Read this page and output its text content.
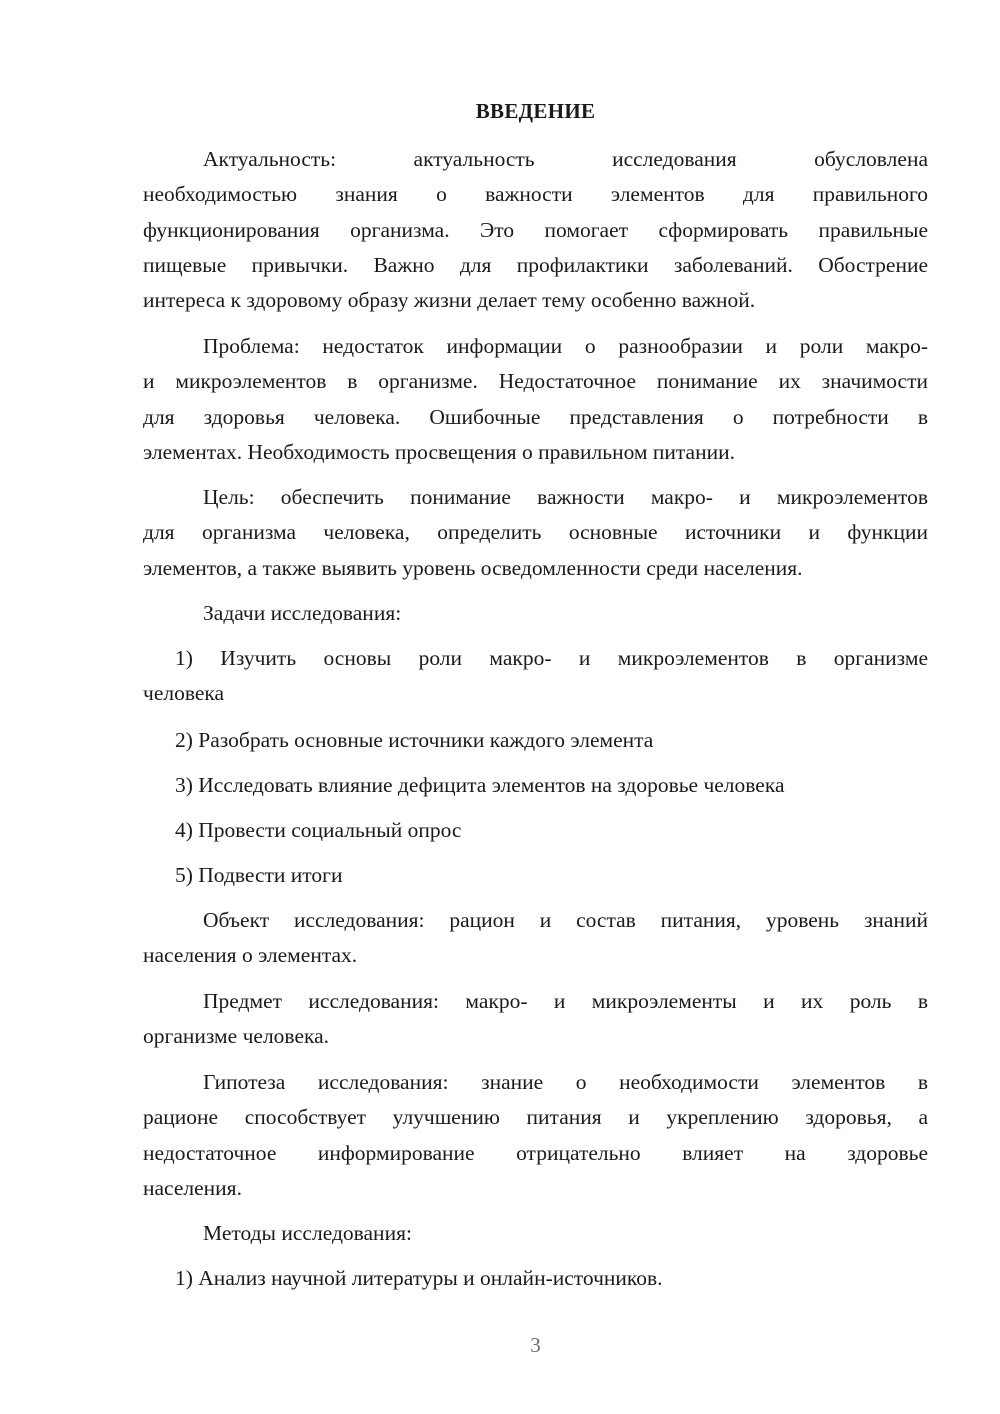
ВВЕДЕНИЕ
Актуальность: актуальность исследования обусловлена
необходимостью знания о важности элементов для правильного
функционирования организма. Это помогает сформировать правильные
пищевые привычки. Важно для профилактики заболеваний. Обострение
интереса к здоровому образу жизни делает тему особенно важной.
Проблема: недостаток информации о разнообразии и роли макро-
и микроэлементов в организме. Недостаточное понимание их значимости
для здоровья человека. Ошибочные представления о потребности в
элементах. Необходимость просвещения о правильном питании.
Цель: обеспечить понимание важности макро- и микроэлементов
для организма человека, определить основные источники и функции
элементов, а также выявить уровень осведомленности среди населения.
Задачи исследования:
1) Изучить основы роли макро- и микроэлементов в организме
человека
2) Разобрать основные источники каждого элемента
3) Исследовать влияние дефицита элементов на здоровье человека
4) Провести социальный опрос
5) Подвести итоги
Объект исследования: рацион и состав питания, уровень знаний
населения о элементах.
Предмет исследования: макро- и микроэлементы и их роль в
организме человека.
Гипотеза исследования: знание о необходимости элементов в
рационе способствует улучшению питания и укреплению здоровья, а
недостаточное информирование отрицательно влияет на здоровье
населения.
Методы исследования:
1) Анализ научной литературы и онлайн-источников.
3
